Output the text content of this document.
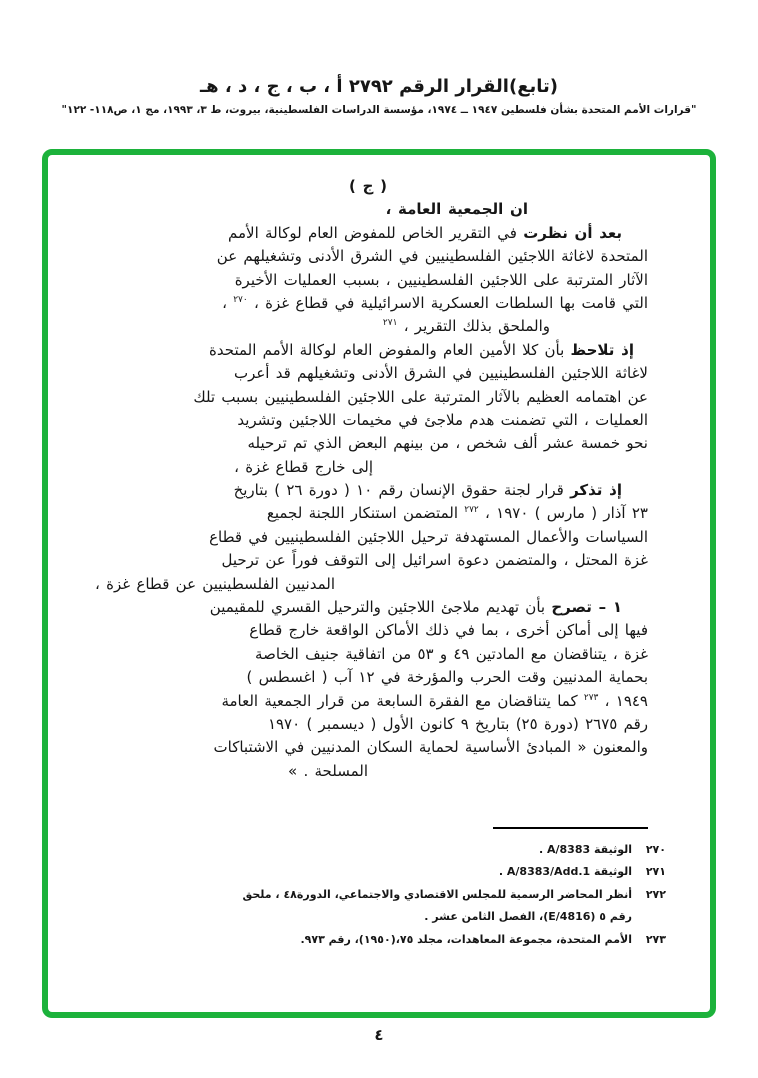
(تابع)القرار الرقم ٢٧٩٢ أ ، ب ، ج ، د ، هـ
"قرارات الأمم المتحدة بشأن فلسطين ١٩٤٧ ــ ١٩٧٤، مؤسسة الدراسات الفلسطينية، بيروت، ط ٣، ١٩٩٣، مج ١، ص١١٨- ١٢٢"
( ج )
ان الجمعية العامة ،
بعد أن نظرت في التقرير الخاص للمفوض العام لوكالة الأمم
المتحدة لاغاثة اللاجئين الفلسطينيين في الشرق الأدنى وتشغيلهم عن
الآثار المترتبة على اللاجئين الفلسطينيين ، بسبب العمليات الأخيرة
التي قامت بها السلطات العسكرية الاسرائيلية في قطاع غزة ، $^{٢٧٠}$ ،
والملحق بذلك التقرير ، $^{٢٧١}$
إذ تلاحظ بأن كلا الأمين العام والمفوض العام لوكالة الأمم المتحدة
لاغاثة اللاجئين الفلسطينيين في الشرق الأدنى وتشغيلهم قد أعرب
عن اهتمامه العظيم بالآثار المترتبة على اللاجئين الفلسطينيين بسبب تلك
العمليات ، التي تضمنت هدم ملاجئ في مخيمات اللاجئين وتشريد
نحو خمسة عشر ألف شخص ، من بينهم البعض الذي تم ترحيله
إلى خارج قطاع غزة ،
إذ تذكر قرار لجنة حقوق الإنسان رقم ١٠ ( دورة ٢٦ ) بتاريخ
٢٣ آذار ( مارس ) ١٩٧٠ ، $^{٢٧٢}$ المتضمن استنكار اللجنة لجميع
السياسات والأعمال المستهدفة ترحيل اللاجئين الفلسطينيين في قطاع
غزة المحتل ، والمتضمن دعوة اسرائيل إلى التوقف فوراً عن ترحيل
المدنيين الفلسطينيين عن قطاع غزة ،
١ – تصرح بأن تهديم ملاجئ اللاجئين والترحيل القسري للمقيمين
فيها إلى أماكن أخرى ، بما في ذلك الأماكن الواقعة خارج قطاع
غزة ، يتناقضان مع المادتين ٤٩ و ٥٣ من اتفاقية جنيف الخاصة
بحماية المدنيين وقت الحرب والمؤرخة في ١٢ آب ( اغسطس )
١٩٤٩ ، $^{٢٧٣}$ كما يتناقضان مع الفقرة السابعة من قرار الجمعية العامة
رقم ٢٦٧٥ (دورة ٢٥) بتاريخ ٩ كانون الأول ( ديسمبر ) ١٩٧٠
والمعنون « المبادئ الأساسية لحماية السكان المدنيين في الاشتباكات
المسلحة . »
٢٧٠
الوثيقة A/8383 .
٢٧١
الوثيقة A/8383/Add.1 .
٢٧٢
أنظر المحاضر الرسمية للمجلس الاقتصادي والاجتماعي، الدورة٤٨ ، ملحق
رقم ٥ (E/4816)، الفصل الثامن عشر .
٢٧٣
الأمم المتحدة، مجموعة المعاهدات، مجلد ٧٥،(١٩٥٠)، رقم ٩٧٣.
٤
